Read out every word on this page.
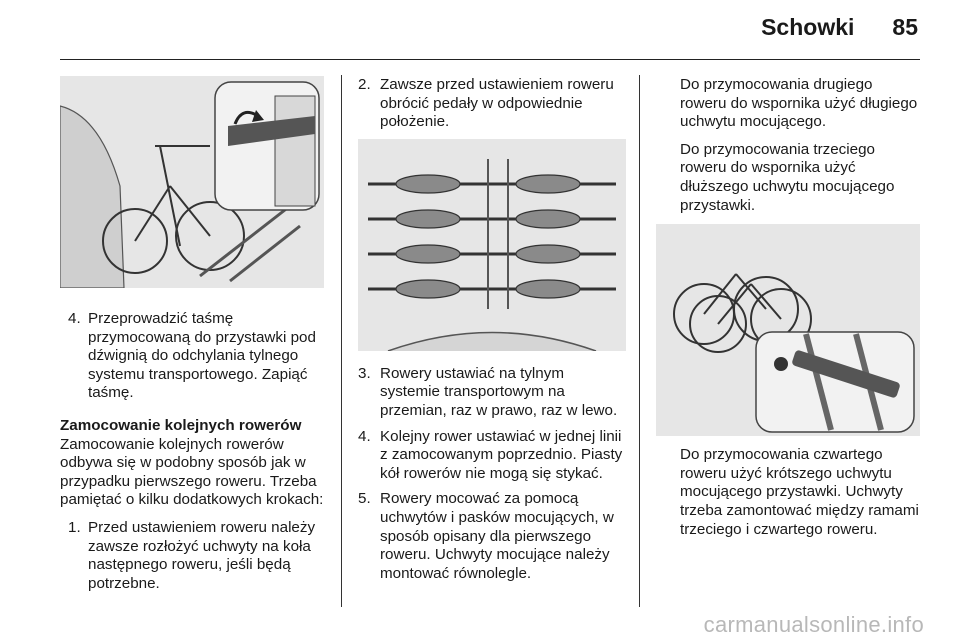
Schowki 85
4. Przeprowadzić taśmę przymocowaną do przystawki pod dźwignią do odchylania tylnego systemu transportowego. Zapiąć taśmę.
Zamocowanie kolejnych rowerów

Zamocowanie kolejnych rowerów odbywa się w podobny sposób jak w przypadku pierwszego roweru. Trzeba pamiętać o kilku dodatkowych krokach:

1. Przed ustawieniem roweru należy zawsze rozłożyć uchwyty na koła następnego roweru, jeśli będą potrzebne.
2. Zawsze przed ustawieniem roweru obrócić pedały w odpowiednie położenie.
3. Rowery ustawiać na tylnym systemie transportowym na przemian, raz w prawo, raz w lewo.
4. Kolejny rower ustawiać w jednej linii z zamocowanym poprzednio. Piasty kół rowerów nie mogą się stykać.
5. Rowery mocować za pomocą uchwytów i pasków mocujących, w sposób opisany dla pierwszego roweru. Uchwyty mocujące należy montować równolegle.

Do przymocowania drugiego roweru do wspornika użyć długiego uchwytu mocującego.

Do przymocowania trzeciego roweru do wspornika użyć dłuższego uchwytu mocującego przystawki.

Do przymocowania czwartego roweru użyć krótszego uchwytu mocującego przystawki. Uchwyty trzeba zamontować między ramami trzeciego i czwartego roweru.

carmanualsonline.info
